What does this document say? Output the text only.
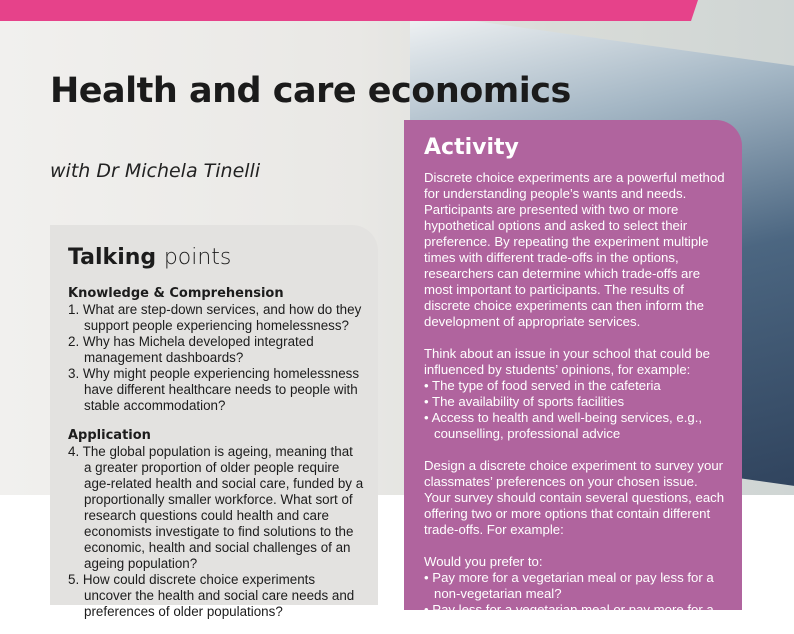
Health and care economics
with Dr Michela Tinelli
Talking points
Knowledge & Comprehension
1. What are step-down services, and how do they support people experiencing homelessness?
2. Why has Michela developed integrated management dashboards?
3. Why might people experiencing homelessness have different healthcare needs to people with stable accommodation?
Application
4. The global population is ageing, meaning that a greater proportion of older people require age-related health and social care, funded by a proportionally smaller workforce. What sort of research questions could health and care economists investigate to find solutions to the economic, health and social challenges of an ageing population?
5. How could discrete choice experiments uncover the health and social care needs and preferences of older populations?
Activity

Discrete choice experiments are a powerful method for understanding people’s wants and needs. Participants are presented with two or more hypothetical options and asked to select their preference. By repeating the experiment multiple times with different trade-offs in the options, researchers can determine which trade-offs are most important to participants. The results of discrete choice experiments can then inform the development of appropriate services.

Think about an issue in your school that could be influenced by students’ opinions, for example:
• The type of food served in the cafeteria
• The availability of sports facilities
• Access to health and well-being services, e.g., counselling, professional advice

Design a discrete choice experiment to survey your classmates’ preferences on your chosen issue. Your survey should contain several questions, each offering two or more options that contain different trade-offs. For example:

Would you prefer to:
• Pay more for a vegetarian meal or pay less for a non-vegetarian meal?
• Pay less for a vegetarian meal or pay more for a non-vegetarian meal?
